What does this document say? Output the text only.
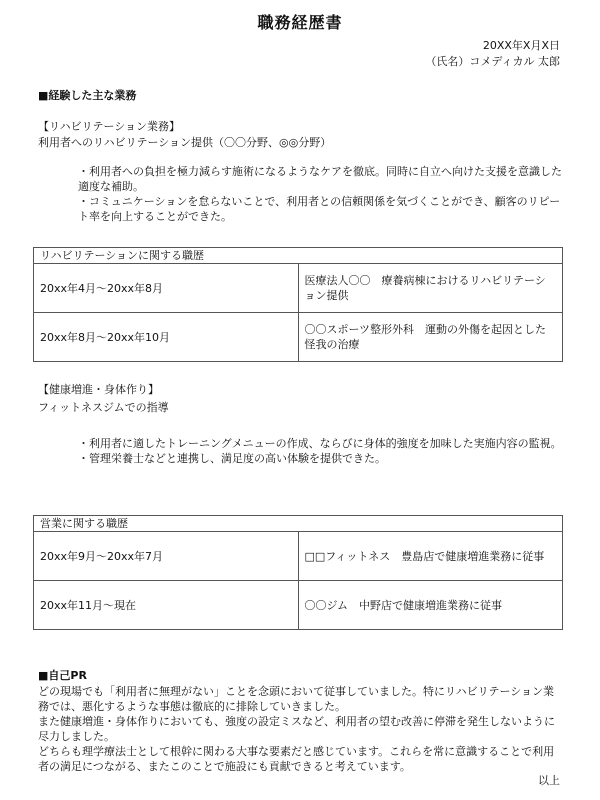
職務経歴書
20XX年X月X日
（氏名）コメディカル 太郎
■経験した主な業務
【リハビリテーション業務】
利用者へのリハビリテーション提供（〇〇分野、◎◎分野）
・利用者への負担を極力減らす施術になるようなケアを徹底。同時に自立へ向けた支援を意識した適度な補助。
・コミュニケーションを怠らないことで、利用者との信頼関係を気づくことができ、顧客のリピート率を向上することができた。
リハビリテーションに関する職歴	
20xx年4月～20xx年8月	医療法人〇〇　療養病棟におけるリハビリテーション提供
20xx年8月～20xx年10月	〇〇スポーツ整形外科　運動の外傷を起因とした怪我の治療
【健康増進・身体作り】
フィットネスジムでの指導
・利用者に適したトレーニングメニューの作成、ならびに身体的強度を加味した実施内容の監視。
・管理栄養士などと連携し、満足度の高い体験を提供できた。
営業に関する職歴	
20xx年9月～20xx年7月	□□フィットネス　豊島店で健康増進業務に従事
20xx年11月～現在	〇〇ジム　中野店で健康増進業務に従事
■自己PR
どの現場でも「利用者に無理がない」ことを念頭において従事していました。特にリハビリテーション業務では、悪化するような事態は徹底的に排除していきました。
また健康増進・身体作りにおいても、強度の設定ミスなど、利用者の望む改善に停滞を発生しないように尽力しました。
どちらも理学療法士として根幹に関わる大事な要素だと感じています。これらを常に意識することで利用者の満足につながる、またこのことで施設にも貢献できると考えています。
以上
